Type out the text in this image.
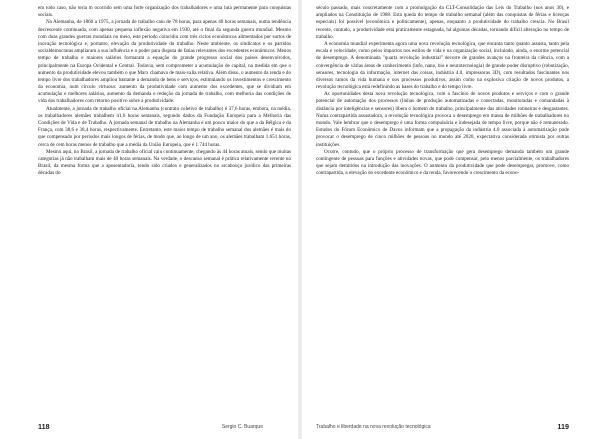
em todo caso, não teria m ocorrido sem uma forte organização dos trabalhadores e uma luta permanente para conquistas sociais.

Na Alemanha, de 1860 a 1975, a jornada de trabalho caiu de 78 horas, para apenas 40 horas semanais, numa tendência decrescente continuada, com apenas pequena inflexão negativa em 1930, até o final da segunda guerra mundial. Mesmo com duas grandes guerras mundiais no meio, este período coincidiu com três ciclos econômicos alimentados por surtos de inovação tecnológica e, portanto, elevação da produtividade do trabalho. Neste ambiente, os sindicatos e os partidos socialdemocratas ampliaram a sua influência e o poder para disputa de fatias relevantes dos excedentes econômicos. Menos tempo de trabalho e maiores salários formaram a equação do grande progresso social dos países desenvolvidos, principalmente na Europa Ocidental e Central. Todavia, sem comprometer a acumulação de capital, na medida em que o aumento da produtividade elevou também o que Marx chamava de mais-valia relativa. Além disso, o aumento da renda e do tempo livre dos trabalhadores ampliou bastante a demanda de bens e serviços, estimulando os investimentos e crescimento da economia, num círculo virtuoso: aumento da produtividade com aumento dos excedentes, que se dividiam em acumulação e melhores salários, aumento da demanda e redução da jornada de trabalho, com melhoria das condições de vida dos trabalhadores com retorno positivo sobre a produtividade.

Atualmente, a jornada de trabalho oficial na Alemanha (contrato coletivo de trabalho) é 37,6 horas, embora, na média, os trabalhadores alemães trabalhem 41,6 horas semanais, segundo dados da Fundação Europeia para a Melhoria das Condições de Vida e de Trabalho. A jornada semanal de trabalho na Alemanha é um pouco maior do que a da Bélgica e da França, com 38,6 e 38,4 horas, respectivamente. Entretanto, este maior tempo de trabalho semanal dos alemães é mais do que compensado por períodos mais longos de férias, de modo que, ao longo de um ano, os alemães trabalham 1.651 horas, cerca de cem horas menos de trabalho que a média da União Europeia, que é 1.744 horas.

Mesmo aqui, no Brasil, a jornada de trabalho oficial caiu continuamente, chegando às 44 horas atuais, sendo que muitas categorias já não trabalham mais de 40 horas semanais. Na verdade, o descanso semanal é prática relativamente recente no Brasil, da mesma forma que a aposentadoria, tendo sido criados e generalizados no arcabouço jurídico das primeiras décadas do

118	Sergio C. Buarque

século passado, mais concretamente com a promulgação da CLT-Consolidação das Leis do Trabalho (nos anos 30), e ampliados na Constituição de 1988. Esta queda do tempo de trabalho semanal (além das conquistas de férias e licenças especiais) foi possível (econômica e politicamente), apenas, enquanto a produtividade do trabalho crescia. No Brasil recente, contudo, a produtividade está praticamente estagnada, há algumas décadas, tornando difícil alteração no tempo de trabalho.

A economia mundial experimenta agora uma nova revolução tecnológica, que encanta tanto quanto assusta, tanto pela escala e velocidade, como pelos impactos nos estilos de vida e na organização social, incluindo, ainda, o enorme potencial de desemprego. A denominada "quarta revolução industrial" decorre de grandes avanços na fronteira da ciência, com a convergência de várias áreas de conhecimento (info, nano, bio e neurotecnologia) de grande poder disruptivo (robotização, sensores, tecnologia da informação, internet das coisas, indústria 4.0, impressoras 3D), com resultados fascinantes nos diversos ramos da vida humana e nos processos produtivos, assim como na explosiva criação de novos produtos, a revolução tecnológica está redefinindo as bases do trabalho e do tempo livre.

As oportunidades desta nova revolução tecnológica, com o fascínio de novos produtos e serviços e com o grande potencial de automação dos processos (linhas de produção automatizadas e conectadas, monitoradas e comandadas à distância por inteligências e sensores) libera o homem do trabalho, principalmente das atividades rotineiras e desgastantes. Numa contrapartida assustadora, a revolução tecnológica provoca o desemprego em massa de milhões de trabalhadores no mundo. Vale lembrar que o desemprego é uma forma compulsória e indesejada de tempo livre, porque não é remunerado. Estudos do Fórum Econômico de Davos informam que a propagação da indústria 4.0 associada à automatização pode provocar o desemprego de cinco milhões de pessoas no mundo até 2020, expectativa considerada otimista por outras instituições.

Ocorre, contudo, que o próprio processo de transformação que gera desemprego demanda também um grande contingente de pessoas para funções e atividades novas, que pode compensar, pelo menos parcialmente, os trabalhadores que sejam demitidos na introdução das inovações. O aumento da produtividade que pode desempregar, promove, como contrapartida, a elevação do excedente econômico e da renda, favorecendo o crescimento da econo-

Trabalho e liberdade na nova revolução tecnológica	119
